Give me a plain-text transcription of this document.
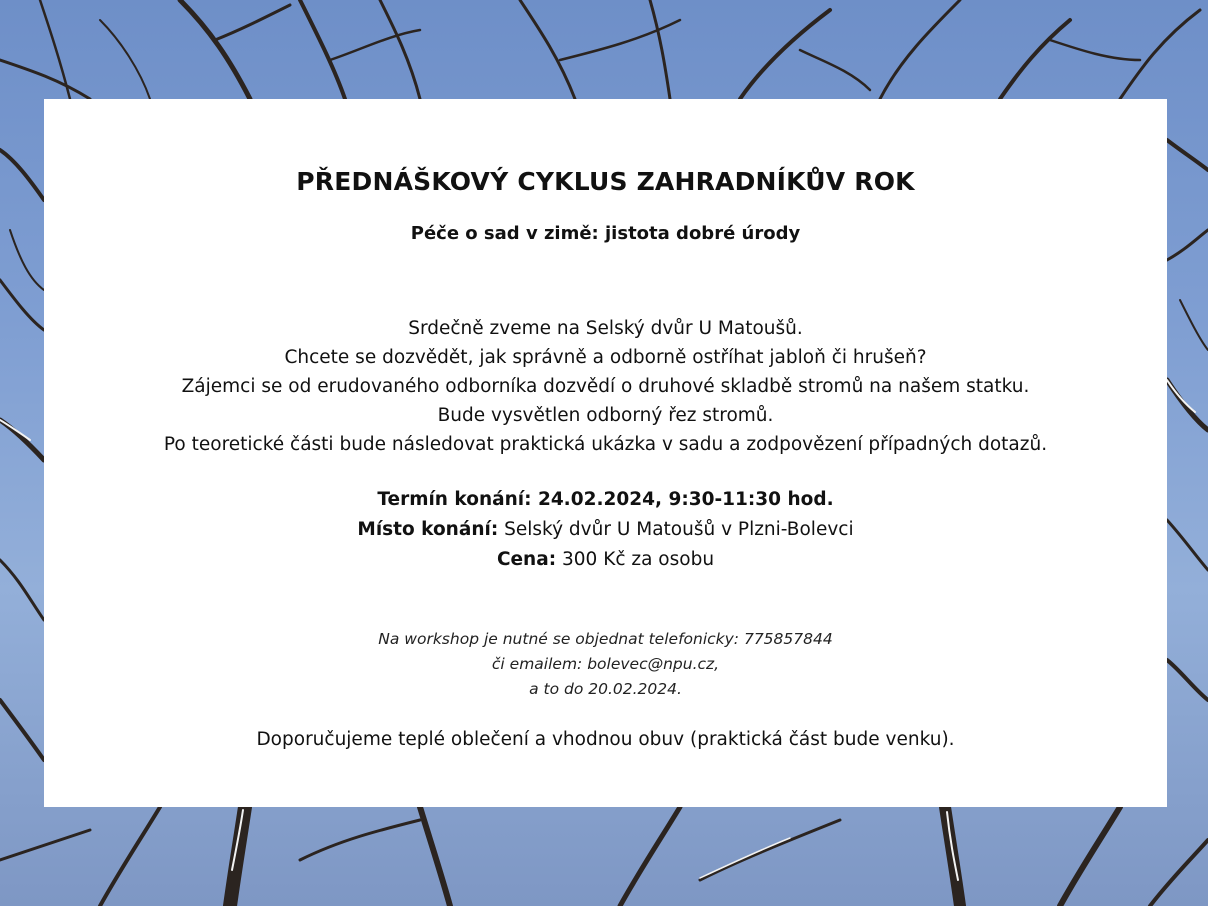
PŘEDNÁŠKOVÝ CYKLUS ZAHRADNÍKŮV ROK
Péče o sad v zimě: jistota dobré úrody
Srdečně zveme na Selský dvůr U Matoušů.
Chcete se dozvědět, jak správně a odborně ostříhat jabloň či hrušeň?
Zájemci se od erudovaného odborníka dozvědí o druhové skladbě stromů na našem statku.
Bude vysvětlen odborný řez stromů.
Po teoretické části bude následovat praktická ukázka v sadu a zodpovězení případných dotazů.
Termín konání: 24.02.2024, 9:30-11:30 hod.
Místo konání: Selský dvůr U Matoušů v Plzni-Bolevci
Cena: 300 Kč za osobu
Na workshop je nutné se objednat telefonicky: 775857844
či emailem: bolevec@npu.cz,
a to do 20.02.2024.
Doporučujeme teplé oblečení a vhodnou obuv (praktická část bude venku).
